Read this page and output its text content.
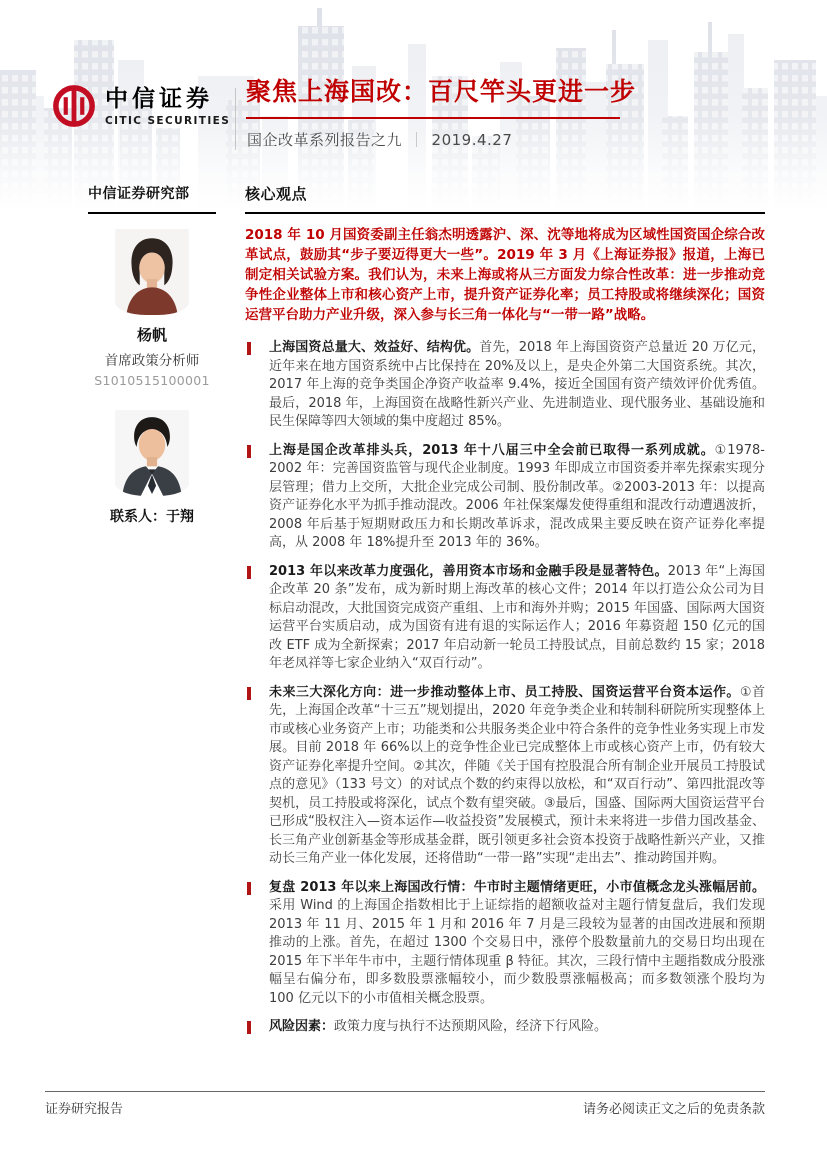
中信证券
CITIC SECURITIES
聚焦上海国改：百尺竿头更进一步
国企改革系列报告之九 ｜ 2019.4.27
中信证券研究部
杨帆
首席政策分析师
S1010515100001
联系人：于翔
核心观点

2018 年 10 月国资委副主任翁杰明透露沪、深、沈等地将成为区域性国资国企综合改革试点，鼓励其“步子要迈得更大一些”。2019 年 3 月《上海证券报》报道，上海已制定相关试验方案。我们认为，未来上海或将从三方面发力综合性改革：进一步推动竞争性企业整体上市和核心资产上市，提升资产证券化率；员工持股或将继续深化；国资运营平台助力产业升级，深入参与长三角一体化与“一带一路”战略。

上海国资总量大、效益好、结构优。首先，2018 年上海国资资产总量近 20 万亿元，近年来在地方国资系统中占比保持在 20%及以上，是央企外第二大国资系统。其次，2017 年上海的竞争类国企净资产收益率 9.4%，接近全国国有资产绩效评价优秀值。最后，2018 年，上海国资在战略性新兴产业、先进制造业、现代服务业、基础设施和民生保障等四大领域的集中度超过 85%。

上海是国企改革排头兵，2013 年十八届三中全会前已取得一系列成就。①1978-2002 年：完善国资监管与现代企业制度。1993 年即成立市国资委并率先探索实现分层管理；借力上交所，大批企业完成公司制、股份制改革。②2003-2013 年：以提高资产证券化水平为抓手推动混改。2006 年社保案爆发使得重组和混改行动遭遇波折，2008 年后基于短期财政压力和长期改革诉求，混改成果主要反映在资产证券化率提高，从 2008 年 18%提升至 2013 年的 36%。

2013 年以来改革力度强化，善用资本市场和金融手段是显著特色。2013 年“上海国企改革 20 条”发布，成为新时期上海改革的核心文件；2014 年以打造公众公司为目标启动混改，大批国资完成资产重组、上市和海外并购；2015 年国盛、国际两大国资运营平台实质启动，成为国资有进有退的实际运作人；2016 年募资超 150 亿元的国改 ETF 成为全新探索；2017 年启动新一轮员工持股试点，目前总数约 15 家；2018 年老凤祥等七家企业纳入“双百行动”。

未来三大深化方向：进一步推动整体上市、员工持股、国资运营平台资本运作。①首先，上海国企改革“十三五”规划提出，2020 年竞争类企业和转制科研院所实现整体上市或核心业务资产上市；功能类和公共服务类企业中符合条件的竞争性业务实现上市发展。目前 2018 年 66%以上的竞争性企业已完成整体上市或核心资产上市，仍有较大资产证券化率提升空间。②其次，伴随《关于国有控股混合所有制企业开展员工持股试点的意见》（133 号文）的对试点个数的约束得以放松，和“双百行动”、第四批混改等契机，员工持股或将深化，试点个数有望突破。③最后，国盛、国际两大国资运营平台已形成“股权注入—资本运作—收益投资”发展模式，预计未来将进一步借力国改基金、长三角产业创新基金等形成基金群，既引领更多社会资本投资于战略性新兴产业，又推动长三角产业一体化发展，还将借助“一带一路”实现“走出去”、推动跨国并购。

复盘 2013 年以来上海国改行情：牛市时主题情绪更旺，小市值概念龙头涨幅居前。采用 Wind 的上海国企指数相比于上证综指的超额收益对主题行情复盘后，我们发现 2013 年 11 月、2015 年 1 月和 2016 年 7 月是三段较为显著的由国改进展和预期推动的上涨。首先，在超过 1300 个交易日中，涨停个股数量前九的交易日均出现在 2015 年下半年牛市中，主题行情体现重 β 特征。其次，三段行情中主题指数成分股涨幅呈右偏分布，即多数股票涨幅较小，而少数股票涨幅极高；而多数领涨个股均为 100 亿元以下的小市值相关概念股票。

风险因素：政策力度与执行不达预期风险，经济下行风险。

证券研究报告	请务必阅读正文之后的免责条款
